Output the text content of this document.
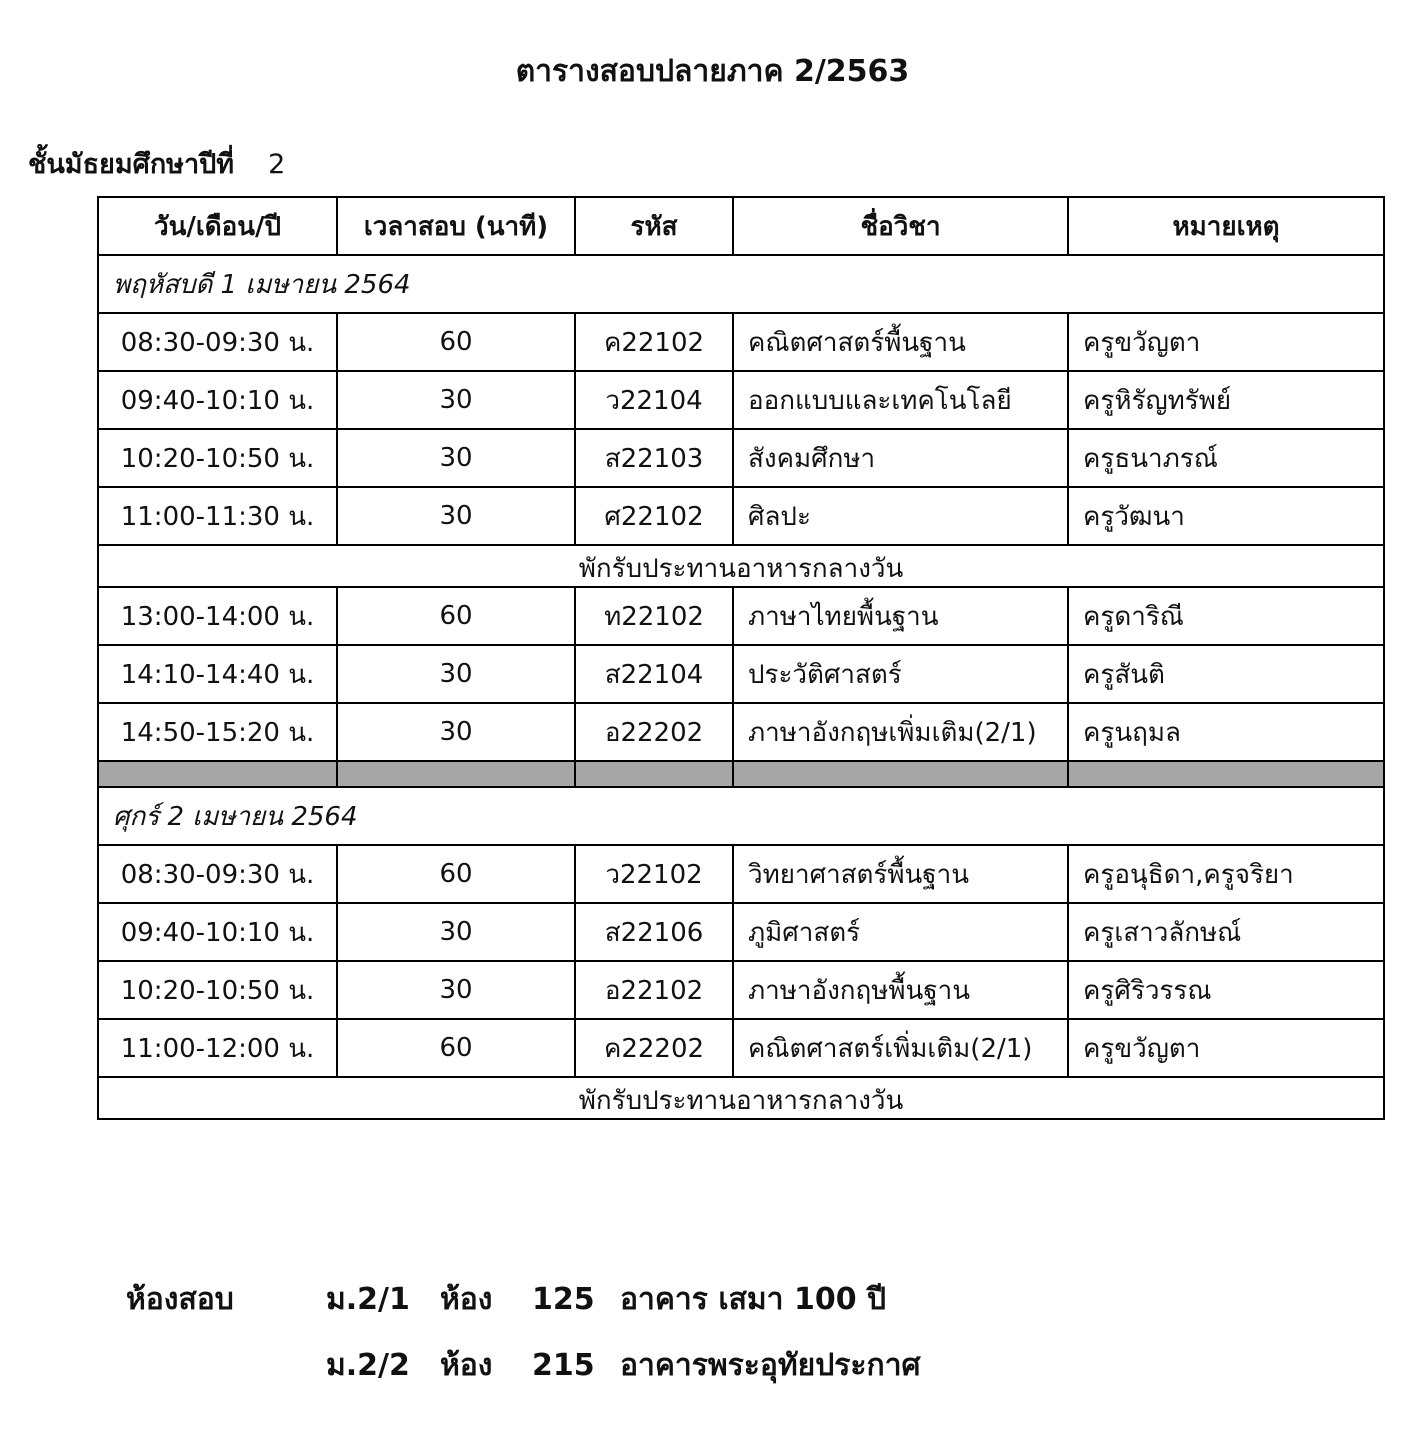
ตารางสอบปลายภาค 2/2563
ชั้นมัธยมศึกษาปีที่ 2
วัน/เดือน/ปี	เวลาสอบ (นาที)	รหัส	ชื่อวิชา	หมายเหตุ
พฤหัสบดี 1 เมษายน 2564				
08:30-09:30 น.	60	ค22102	คณิตศาสตร์พื้นฐาน	ครูขวัญตา
09:40-10:10 น.	30	ว22104	ออกแบบและเทคโนโลยี	ครูหิรัญทรัพย์
10:20-10:50 น.	30	ส22103	สังคมศึกษา	ครูธนาภรณ์
11:00-11:30 น.	30	ศ22102	ศิลปะ	ครูวัฒนา
พักรับประทานอาหารกลางวัน				
13:00-14:00 น.	60	ท22102	ภาษาไทยพื้นฐาน	ครูดาริณี
14:10-14:40 น.	30	ส22104	ประวัติศาสตร์	ครูสันติ
14:50-15:20 น.	30	อ22202	ภาษาอังกฤษเพิ่มเติม(2/1)	ครูนฤมล

ศุกร์ 2 เมษายน 2564				
08:30-09:30 น.	60	ว22102	วิทยาศาสตร์พื้นฐาน	ครูอนุธิดา,ครูจริยา
09:40-10:10 น.	30	ส22106	ภูมิศาสตร์	ครูเสาวลักษณ์
10:20-10:50 น.	30	อ22102	ภาษาอังกฤษพื้นฐาน	ครูศิริวรรณ
11:00-12:00 น.	60	ค22202	คณิตศาสตร์เพิ่มเติม(2/1)	ครูขวัญตา
พักรับประทานอาหารกลางวัน				
ห้องสอบ	ม.2/1 ห้อง 125 อาคาร เสมา 100 ปี
ม.2/2 ห้อง 215 อาคารพระอุทัยประกาศ
